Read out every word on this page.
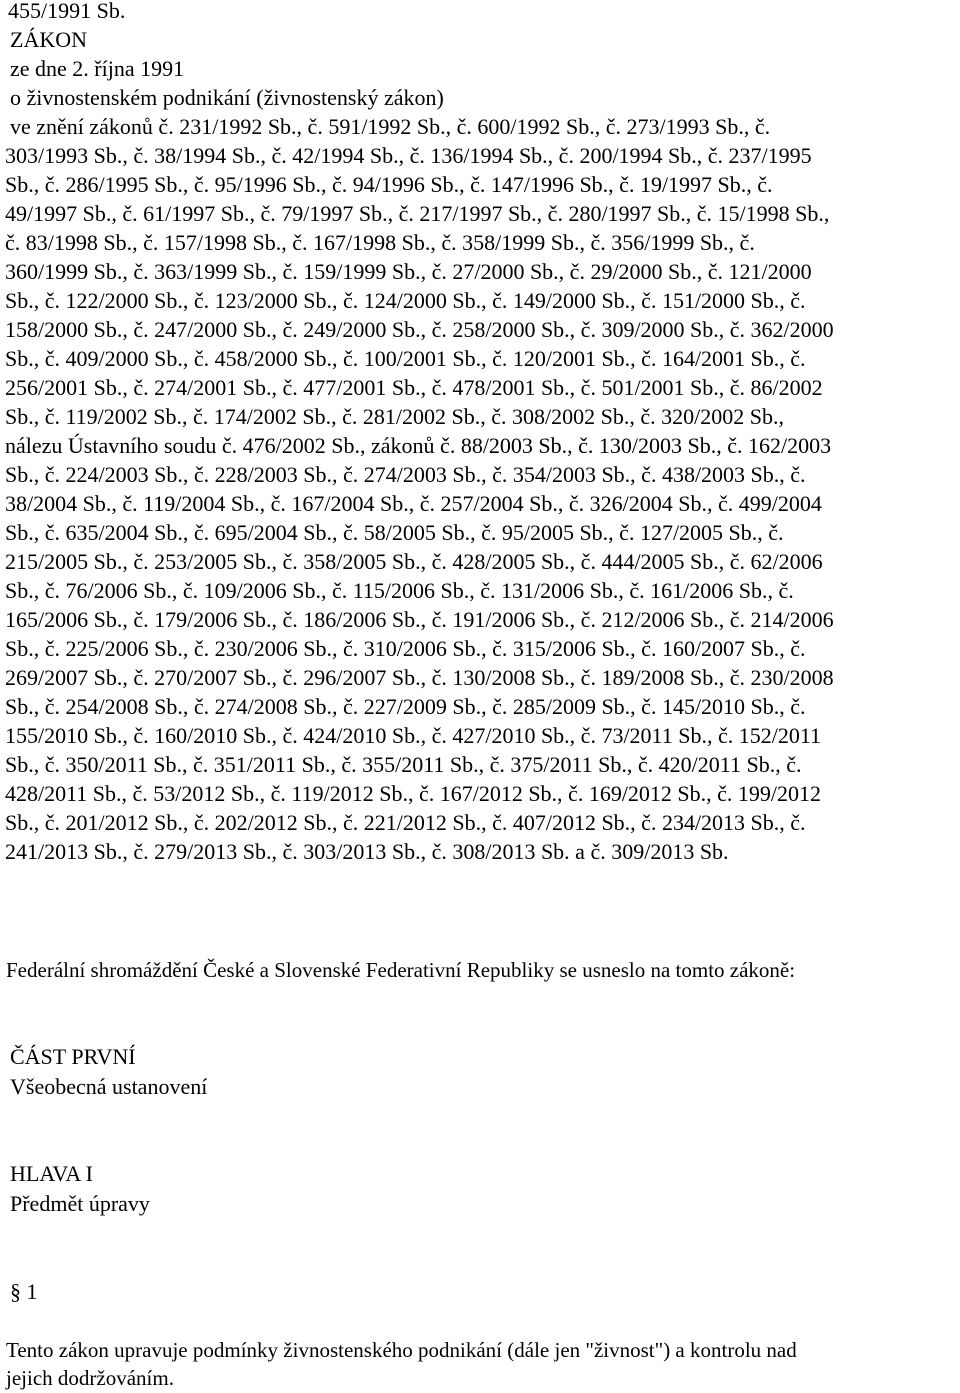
455/1991 Sb.
ZÁKON
ze dne 2. října 1991
o živnostenském podnikání (živnostenský zákon)
ve znění zákonů č. 231/1992 Sb., č. 591/1992 Sb., č. 600/1992 Sb., č. 273/1993 Sb., č.
303/1993 Sb., č. 38/1994 Sb., č. 42/1994 Sb., č. 136/1994 Sb., č. 200/1994 Sb., č. 237/1995
Sb., č. 286/1995 Sb., č. 95/1996 Sb., č. 94/1996 Sb., č. 147/1996 Sb., č. 19/1997 Sb., č.
49/1997 Sb., č. 61/1997 Sb., č. 79/1997 Sb., č. 217/1997 Sb., č. 280/1997 Sb., č. 15/1998 Sb.,
č. 83/1998 Sb., č. 157/1998 Sb., č. 167/1998 Sb., č. 358/1999 Sb., č. 356/1999 Sb., č.
360/1999 Sb., č. 363/1999 Sb., č. 159/1999 Sb., č. 27/2000 Sb., č. 29/2000 Sb., č. 121/2000
Sb., č. 122/2000 Sb., č. 123/2000 Sb., č. 124/2000 Sb., č. 149/2000 Sb., č. 151/2000 Sb., č.
158/2000 Sb., č. 247/2000 Sb., č. 249/2000 Sb., č. 258/2000 Sb., č. 309/2000 Sb., č. 362/2000
Sb., č. 409/2000 Sb., č. 458/2000 Sb., č. 100/2001 Sb., č. 120/2001 Sb., č. 164/2001 Sb., č.
256/2001 Sb., č. 274/2001 Sb., č. 477/2001 Sb., č. 478/2001 Sb., č. 501/2001 Sb., č. 86/2002
Sb., č. 119/2002 Sb., č. 174/2002 Sb., č. 281/2002 Sb., č. 308/2002 Sb., č. 320/2002 Sb.,
nálezu Ústavního soudu č. 476/2002 Sb., zákonů č. 88/2003 Sb., č. 130/2003 Sb., č. 162/2003
Sb., č. 224/2003 Sb., č. 228/2003 Sb., č. 274/2003 Sb., č. 354/2003 Sb., č. 438/2003 Sb., č.
38/2004 Sb., č. 119/2004 Sb., č. 167/2004 Sb., č. 257/2004 Sb., č. 326/2004 Sb., č. 499/2004
Sb., č. 635/2004 Sb., č. 695/2004 Sb., č. 58/2005 Sb., č. 95/2005 Sb., č. 127/2005 Sb., č.
215/2005 Sb., č. 253/2005 Sb., č. 358/2005 Sb., č. 428/2005 Sb., č. 444/2005 Sb., č. 62/2006
Sb., č. 76/2006 Sb., č. 109/2006 Sb., č. 115/2006 Sb., č. 131/2006 Sb., č. 161/2006 Sb., č.
165/2006 Sb., č. 179/2006 Sb., č. 186/2006 Sb., č. 191/2006 Sb., č. 212/2006 Sb., č. 214/2006
Sb., č. 225/2006 Sb., č. 230/2006 Sb., č. 310/2006 Sb., č. 315/2006 Sb., č. 160/2007 Sb., č.
269/2007 Sb., č. 270/2007 Sb., č. 296/2007 Sb., č. 130/2008 Sb., č. 189/2008 Sb., č. 230/2008
Sb., č. 254/2008 Sb., č. 274/2008 Sb., č. 227/2009 Sb., č. 285/2009 Sb., č. 145/2010 Sb., č.
155/2010 Sb., č. 160/2010 Sb., č. 424/2010 Sb., č. 427/2010 Sb., č. 73/2011 Sb., č. 152/2011
Sb., č. 350/2011 Sb., č. 351/2011 Sb., č. 355/2011 Sb., č. 375/2011 Sb., č. 420/2011 Sb., č.
428/2011 Sb., č. 53/2012 Sb., č. 119/2012 Sb., č. 167/2012 Sb., č. 169/2012 Sb., č. 199/2012
Sb., č. 201/2012 Sb., č. 202/2012 Sb., č. 221/2012 Sb., č. 407/2012 Sb., č. 234/2013 Sb., č.
241/2013 Sb., č. 279/2013 Sb., č. 303/2013 Sb., č. 308/2013 Sb. a č. 309/2013 Sb.
Federální shromáždění České a Slovenské Federativní Republiky se usneslo na tomto zákoně:
ČÁST PRVNÍ
Všeobecná ustanovení
HLAVA I
Předmět úpravy
§ 1
Tento zákon upravuje podmínky živnostenského podnikání (dále jen "živnost") a kontrolu nad
jejich dodržováním.
